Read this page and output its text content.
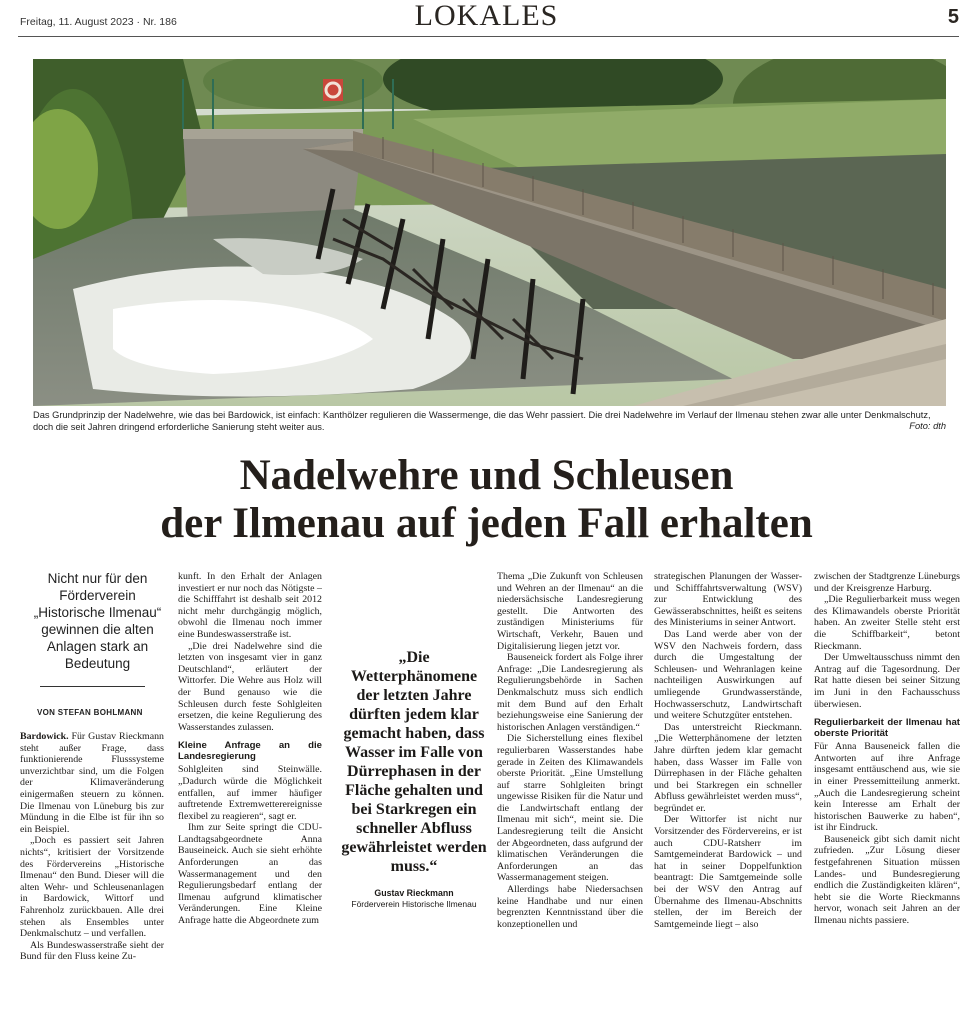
Freitag, 11. August 2023 · Nr. 186	LOKALES	5
Das Grundprinzip der Nadelwehre, wie das bei Bardowick, ist einfach: Kanthölzer regulieren die Wassermenge, die das Wehr passiert. Die drei Nadelwehre im Verlauf der Ilmenau stehen zwar alle unter Denkmalschutz, doch die seit Jahren dringend erforderliche Sanierung steht weiter aus.	Foto: dth
Nadelwehre und Schleusen
der Ilmenau auf jeden Fall erhalten
Nicht nur für den Förderverein „Historische Ilmenau“ gewinnen die alten Anlagen stark an Bedeutung
VON STEFAN BOHLMANN

Bardowick. Für Gustav Rieckmann steht außer Frage, dass funktionierende Flusssysteme unverzichtbar sind, um die Folgen der Klimaveränderung einigermaßen steuern zu können. Die Ilmenau von Lüneburg bis zur Mündung in die Elbe ist für ihn so ein Beispiel.

„Doch es passiert seit Jahren nichts“, kritisiert der Vorsitzende des Fördervereins „Historische Ilmenau“ den Bund. Dieser will die alten Wehr- und Schleusenanlagen in Bardowick, Wittorf und Fahrenholz zurückbauen. Alle drei stehen als Ensembles unter Denkmalschutz – und verfallen.

Als Bundeswasserstraße sieht der Bund für den Fluss keine Zu-

kunft. In den Erhalt der Anlagen investiert er nur noch das Nötigste – die Schifffahrt ist deshalb seit 2012 nicht mehr durchgängig möglich, obwohl die Ilmenau noch immer eine Bundeswasserstraße ist.

„Die drei Nadelwehre sind die letzten von insgesamt vier in ganz Deutschland“, erläutert der Wittorfer. Die Wehre aus Holz will der Bund genauso wie die Schleusen durch feste Sohlgleiten ersetzen, die keine Regulierung des Wasserstandes zulassen.

Kleine Anfrage an die Landesregierung

Sohlgleiten sind Steinwälle. „Dadurch würde die Möglichkeit entfallen, auf immer häufiger auftretende Extremwetterereignisse flexibel zu reagieren“, sagt er.

Ihm zur Seite springt die CDU-Landtagsabgeordnete Anna Bauseineick. Auch sie sieht erhöhte Anforderungen an das Wassermanagement und den Regulierungsbedarf entlang der Ilmenau aufgrund klimatischer Veränderungen. Eine Kleine Anfrage hatte die Abgeordnete zum

„Die Wetterphänomene der letzten Jahre dürften jedem klar gemacht haben, dass Wasser im Falle von Dürrephasen in der Fläche gehalten und bei Starkregen ein schneller Abfluss gewährleistet werden muss.“
Gustav Rieckmann
Förderverein Historische Ilmenau

Thema „Die Zukunft von Schleusen und Wehren an der Ilmenau“ an die niedersächsische Landesregierung gestellt. Die Antworten des zuständigen Ministeriums für Wirtschaft, Verkehr, Bauen und Digitalisierung liegen jetzt vor.

Bauseneick fordert als Folge ihrer Anfrage: „Die Landesregierung als Regulierungsbehörde in Sachen Denkmalschutz muss sich endlich mit dem Bund auf den Erhalt beziehungsweise eine Sanierung der historischen Anlagen verständigen.“

Die Sicherstellung eines flexibel regulierbaren Wasserstandes habe gerade in Zeiten des Klimawandels oberste Priorität. „Eine Umstellung auf starre Sohlgleiten bringt ungewisse Risiken für die Natur und die Landwirtschaft entlang der Ilmenau mit sich“, meint sie. Die Landesregierung teilt die Ansicht der Abgeordneten, dass aufgrund der klimatischen Veränderungen die Anforderungen an das Wassermanagement steigen.

Allerdings habe Niedersachsen keine Handhabe und nur einen begrenzten Kenntnisstand über die konzeptionellen und

strategischen Planungen der Wasser- und Schifffahrtsverwaltung (WSV) zur Entwicklung des Gewässerabschnittes, heißt es seitens des Ministeriums in seiner Antwort.

Das Land werde aber von der WSV den Nachweis fordern, dass durch die Umgestaltung der Schleusen- und Wehranlagen keine nachteiligen Auswirkungen auf umliegende Grundwasserstände, Hochwasserschutz, Landwirtschaft und weitere Schutzgüter entstehen.

Das unterstreicht Rieckmann. „Die Wetterphänomene der letzten Jahre dürften jedem klar gemacht haben, dass Wasser im Falle von Dürrephasen in der Fläche gehalten und bei Starkregen ein schneller Abfluss gewährleistet werden muss“, begründet er.

Der Wittorfer ist nicht nur Vorsitzender des Fördervereins, er ist auch CDU-Ratsherr im Samtgemeinderat Bardowick – und hat in seiner Doppelfunktion beantragt: Die Samtgemeinde solle bei der WSV den Antrag auf Übernahme des Ilmenau-Abschnitts stellen, der im Bereich der Samtgemeinde liegt – also

zwischen der Stadtgrenze Lüneburgs und der Kreisgrenze Harburg.

„Die Regulierbarkeit muss wegen des Klimawandels oberste Priorität haben. An zweiter Stelle steht erst die Schiffbarkeit“, betont Rieckmann.

Der Umweltausschuss nimmt den Antrag auf die Tagesordnung. Der Rat hatte diesen bei seiner Sitzung im Juni in den Fachausschuss überwiesen.

Regulierbarkeit der Ilmenau hat oberste Priorität

Für Anna Bauseneick fallen die Antworten auf ihre Anfrage insgesamt enttäuschend aus, wie sie in einer Pressemitteilung anmerkt. „Auch die Landesregierung scheint kein Interesse am Erhalt der historischen Bauwerke zu haben“, ist ihr Eindruck.

Bauseneick gibt sich damit nicht zufrieden. „Zur Lösung dieser festgefahrenen Situation müssen Landes- und Bundesregierung endlich die Zuständigkeiten klären“, hebt sie die Worte Rieckmanns hervor, wonach seit Jahren an der Ilmenau nichts passiere.
